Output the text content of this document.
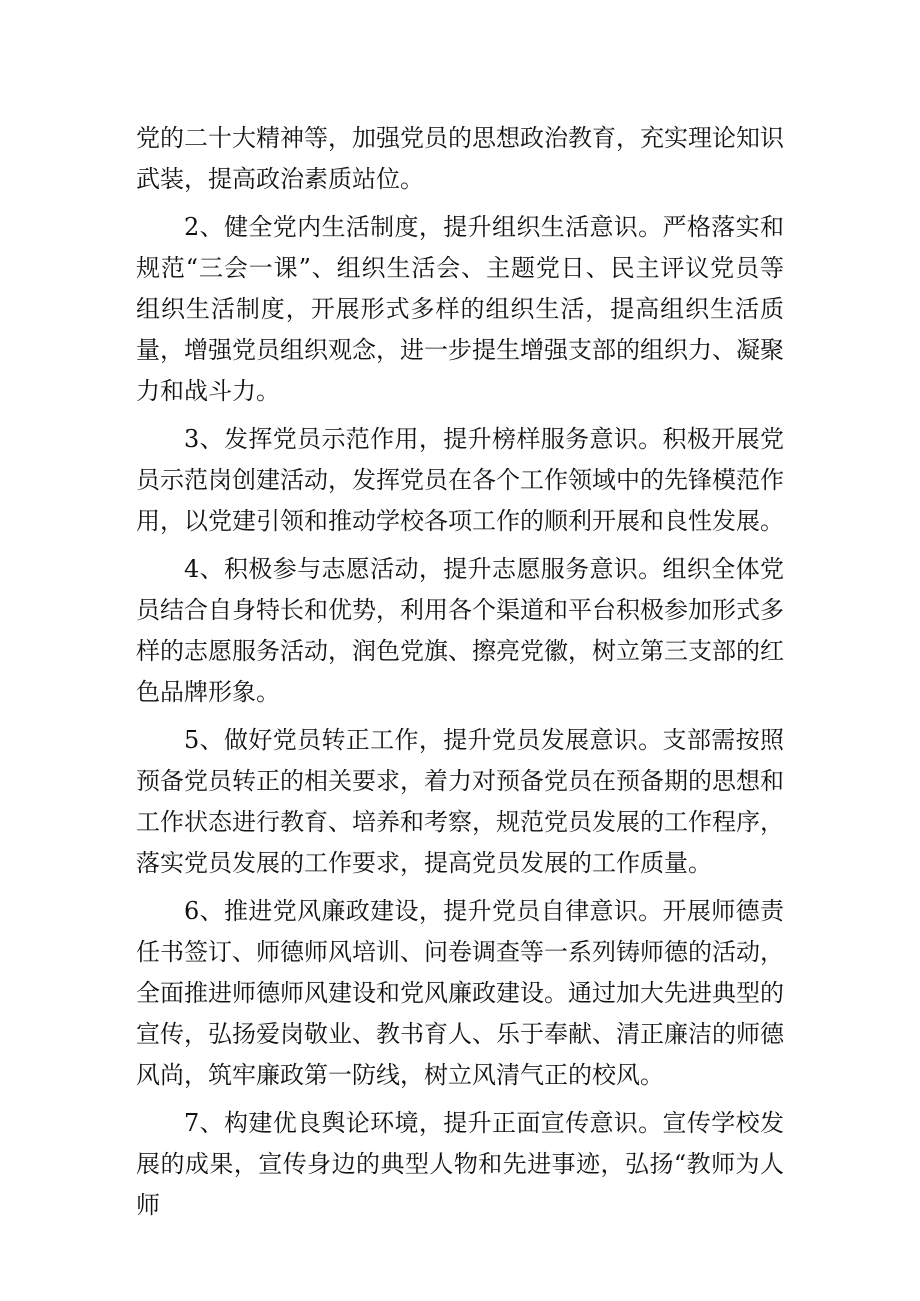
党的二十大精神等，加强党员的思想政治教育，充实理论知识武装，提高政治素质站位。

2、健全党内生活制度，提升组织生活意识。严格落实和规范“三会一课”、组织生活会、主题党日、民主评议党员等组织生活制度，开展形式多样的组织生活，提高组织生活质量，增强党员组织观念，进一步提生增强支部的组织力、凝聚力和战斗力。

3、发挥党员示范作用，提升榜样服务意识。积极开展党员示范岗创建活动，发挥党员在各个工作领域中的先锋模范作用，以党建引领和推动学校各项工作的顺利开展和良性发展。

4、积极参与志愿活动，提升志愿服务意识。组织全体党员结合自身特长和优势，利用各个渠道和平台积极参加形式多样的志愿服务活动，润色党旗、擦亮党徽，树立第三支部的红色品牌形象。

5、做好党员转正工作，提升党员发展意识。支部需按照预备党员转正的相关要求，着力对预备党员在预备期的思想和工作状态进行教育、培养和考察，规范党员发展的工作程序，落实党员发展的工作要求，提高党员发展的工作质量。

6、推进党风廉政建设，提升党员自律意识。开展师德责任书签订、师德师风培训、问卷调查等一系列铸师德的活动，全面推进师德师风建设和党风廉政建设。通过加大先进典型的宣传，弘扬爱岗敬业、教书育人、乐于奉献、清正廉洁的师德风尚，筑牢廉政第一防线，树立风清气正的校风。

7、构建优良舆论环境，提升正面宣传意识。宣传学校发展的成果，宣传身边的典型人物和先进事迹，弘扬“教师为人师
